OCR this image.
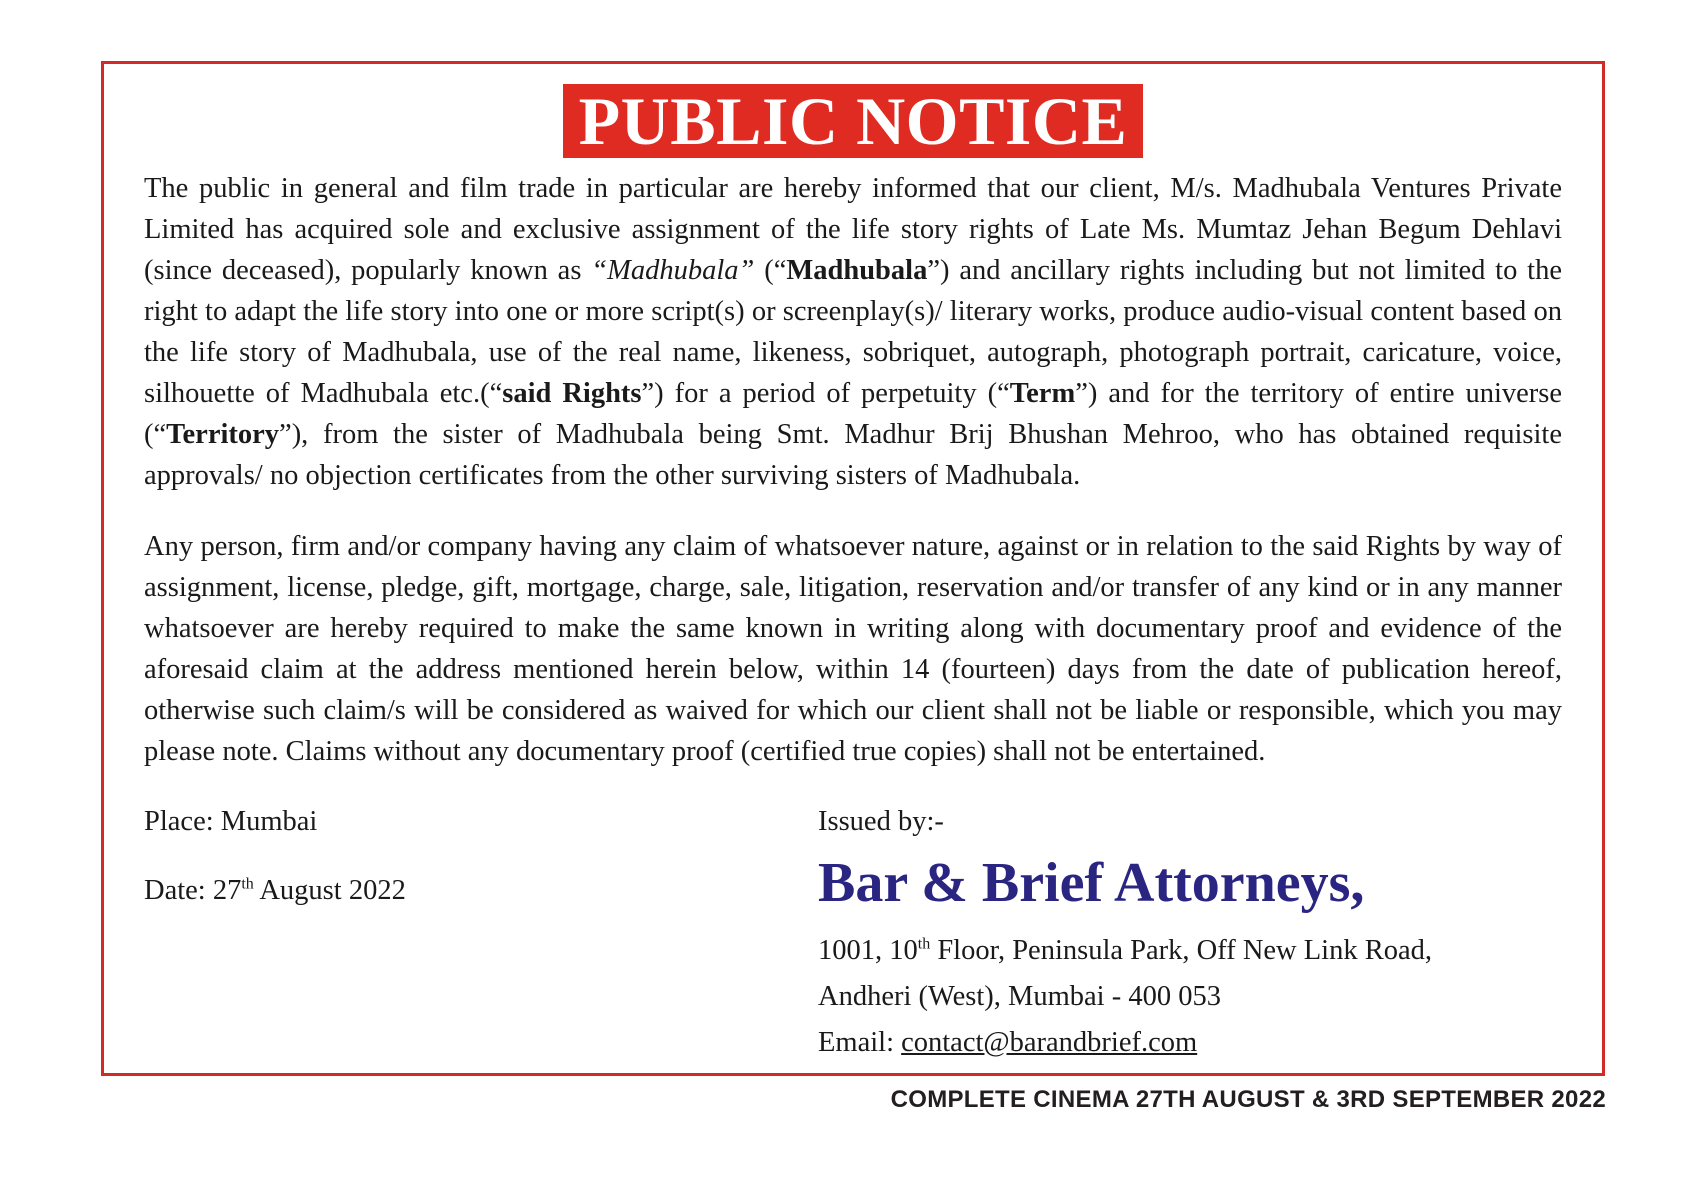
PUBLIC NOTICE

The public in general and film trade in particular are hereby informed that our client, M/s. Madhubala Ventures Private Limited has acquired sole and exclusive assignment of the life story rights of Late Ms. Mumtaz Jehan Begum Dehlavi (since deceased), popularly known as “Madhubala” (“Madhubala”) and ancillary rights including but not limited to the right to adapt the life story into one or more script(s) or screenplay(s)/ literary works, produce audio-visual content based on the life story of Madhubala, use of the real name, likeness, sobriquet, autograph, photograph portrait, caricature, voice, silhouette of Madhubala etc.(“said Rights”) for a period of perpetuity (“Term”) and for the territory of entire universe (“Territory”), from the sister of Madhubala being Smt. Madhur Brij Bhushan Mehroo, who has obtained requisite approvals/ no objection certificates from the other surviving sisters of Madhubala.

Any person, firm and/or company having any claim of whatsoever nature, against or in relation to the said Rights by way of assignment, license, pledge, gift, mortgage, charge, sale, litigation, reservation and/or transfer of any kind or in any manner whatsoever are hereby required to make the same known in writing along with documentary proof and evidence of the aforesaid claim at the address mentioned herein below, within 14 (fourteen) days from the date of publication hereof, otherwise such claim/s will be considered as waived for which our client shall not be liable or responsible, which you may please note. Claims without any documentary proof (certified true copies) shall not be entertained.

Place: Mumbai
Date: 27th August 2022
Issued by:-
Bar & Brief Attorneys,
1001, 10th Floor, Peninsula Park, Off New Link Road,
Andheri (West), Mumbai - 400 053
Email: contact@barandbrief.com
COMPLETE CINEMA 27TH AUGUST & 3RD SEPTEMBER 2022
